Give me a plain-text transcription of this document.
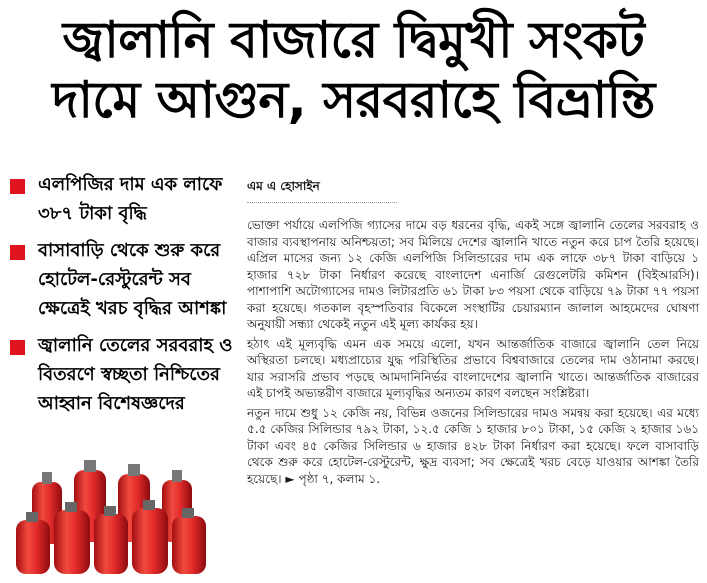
জ্বালানি বাজারে দ্বিমুখী সংকট
দামে আগুন, সরবরাহে বিভ্রান্তি
এলপিজির দাম এক লাফে ৩৮৭ টাকা বৃদ্ধি
বাসাবাড়ি থেকে শুরু করে হোটেল-রেস্টুরেন্ট সব ক্ষেত্রেই খরচ বৃদ্ধির আশঙ্কা
জ্বালানি তেলের সরবরাহ ও বিতরণে স্বচ্ছতা নিশ্চিতের আহ্বান বিশেষজ্ঞদের
এম এ হোসাইন

ভোক্তা পর্যায়ে এলপিজি গ্যাসের দামে বড় ধরনের বৃদ্ধি, একই সঙ্গে জ্বালানি তেলের সরবরাহ ও বাজার ব্যবস্থাপনায় অনিশ্চয়তা; সব মিলিয়ে দেশের জ্বালানি খাতে নতুন করে চাপ তৈরি হয়েছে। এপ্রিল মাসের জন্য ১২ কেজি এলপিজি সিলিন্ডারের দাম এক লাফে ৩৮৭ টাকা বাড়িয়ে ১ হাজার ৭২৮ টাকা নির্ধারণ করেছে বাংলাদেশ এনার্জি রেগুলেটরি কমিশন (বিইআরসি)। পাশাপাশি অটোগ্যাসের দামও লিটারপ্রতি ৬১ টাকা ৮৩ পয়সা থেকে বাড়িয়ে ৭৯ টাকা ৭৭ পয়সা করা হয়েছে। গতকাল বৃহস্পতিবার বিকেলে সংস্থাটির চেয়ারম্যান জালাল আহমেদের ঘোষণা অনুযায়ী সন্ধ্যা থেকেই নতুন এই মূল্য কার্যকর হয়।

হঠাৎ এই মূল্যবৃদ্ধি এমন এক সময়ে এলো, যখন আন্তর্জাতিক বাজারে জ্বালানি তেল নিয়ে অস্থিরতা চলছে। মধ্যপ্রাচ্যের যুদ্ধ পরিস্থিতির প্রভাবে বিশ্ববাজারে তেলের দাম ওঠানামা করছে। যার সরাসরি প্রভাব পড়ছে আমদানিনির্ভর বাংলাদেশের জ্বালানি খাতে। আন্তর্জাতিক বাজারের এই চাপই অভ্যন্তরীণ বাজারে মূল্যবৃদ্ধির অন্যতম কারণ বলছেন সংশ্লিষ্টরা।

নতুন দামে শুধু ১২ কেজি নয়, বিভিন্ন ওজনের সিলিন্ডারের দামও সমন্বয় করা হয়েছে। এর মধ্যে ৫.৫ কেজির সিলিন্ডার ৭৯২ টাকা, ১২.৫ কেজি ১ হাজার ৮০১ টাকা, ১৫ কেজি ২ হাজার ১৬১ টাকা এবং ৪৫ কেজির সিলিন্ডার ৬ হাজার ৪২৮ টাকা নির্ধারণ করা হয়েছে। ফলে বাসাবাড়ি থেকে শুরু করে হোটেল-রেস্টুরেন্ট, ক্ষুদ্র ব্যবসা; সব ক্ষেত্রেই খরচ বেড়ে যাওয়ার আশঙ্কা তৈরি হয়েছে। ► পৃষ্ঠা ৭, কলাম ১.
